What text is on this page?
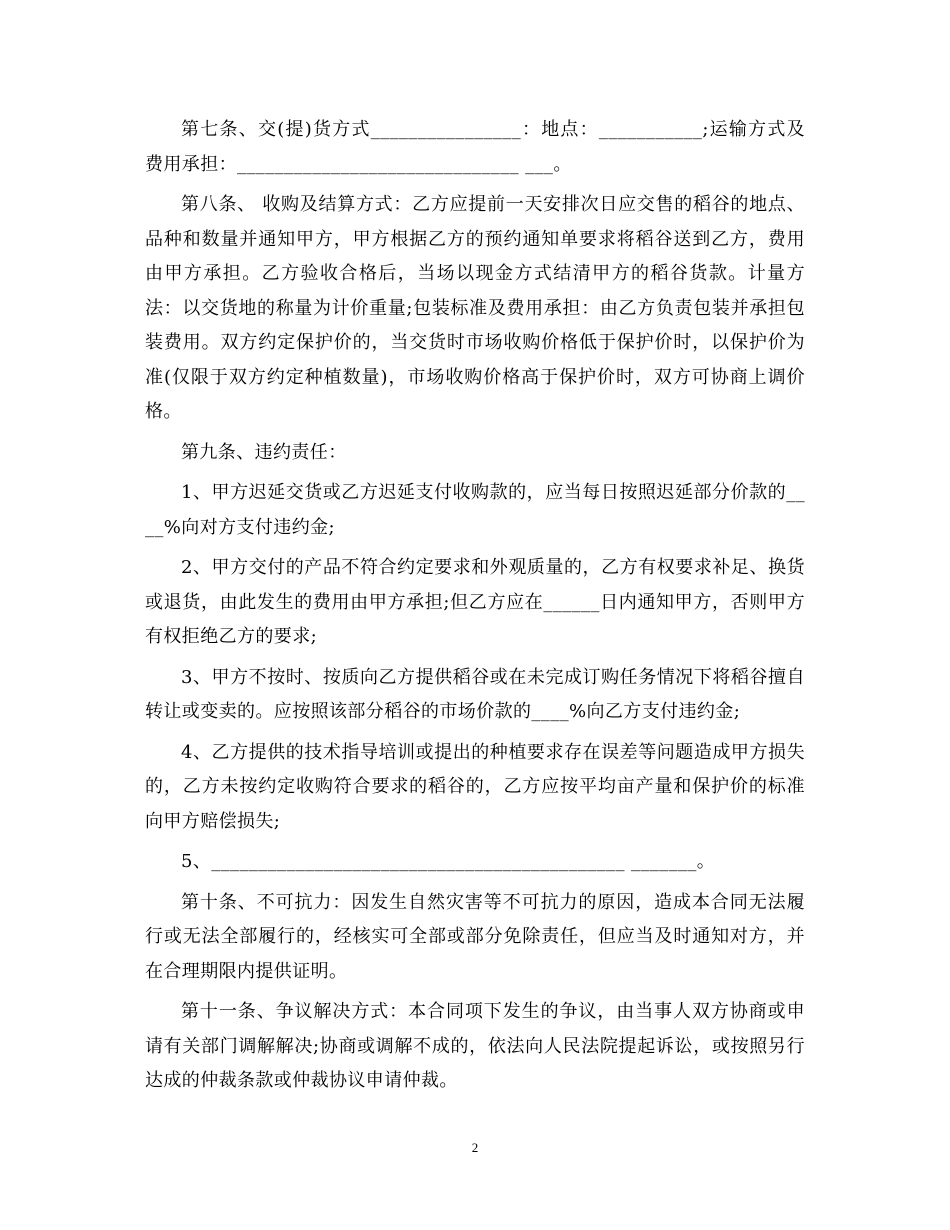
第七条、交(提)货方式________________：地点：___________;运输方式及费用承担：______________________________ ___。

第八条、 收购及结算方式：乙方应提前一天安排次日应交售的稻谷的地点、品种和数量并通知甲方，甲方根据乙方的预约通知单要求将稻谷送到乙方，费用由甲方承担。乙方验收合格后，当场以现金方式结清甲方的稻谷货款。计量方法：以交货地的称量为计价重量;包装标准及费用承担：由乙方负责包装并承担包装费用。双方约定保护价的，当交货时市场收购价格低于保护价时，以保护价为准(仅限于双方约定种植数量)，市场收购价格高于保护价时，双方可协商上调价格。

第九条、违约责任：

1、甲方迟延交货或乙方迟延支付收购款的，应当每日按照迟延部分价款的____%向对方支付违约金;

2、甲方交付的产品不符合约定要求和外观质量的，乙方有权要求补足、换货或退货，由此发生的费用由甲方承担;但乙方应在______日内通知甲方，否则甲方有权拒绝乙方的要求;

3、甲方不按时、按质向乙方提供稻谷或在未完成订购任务情况下将稻谷擅自转让或变卖的。应按照该部分稻谷的市场价款的____%向乙方支付违约金;

4、乙方提供的技术指导培训或提出的种植要求存在误差等问题造成甲方损失的，乙方未按约定收购符合要求的稻谷的，乙方应按平均亩产量和保护价的标准向甲方赔偿损失;

5、____________________________________________ _______。

第十条、不可抗力：因发生自然灾害等不可抗力的原因，造成本合同无法履行或无法全部履行的，经核实可全部或部分免除责任，但应当及时通知对方，并在合理期限内提供证明。

第十一条、争议解决方式：本合同项下发生的争议，由当事人双方协商或申请有关部门调解解决;协商或调解不成的，依法向人民法院提起诉讼，或按照另行达成的仲裁条款或仲裁协议申请仲裁。

2
